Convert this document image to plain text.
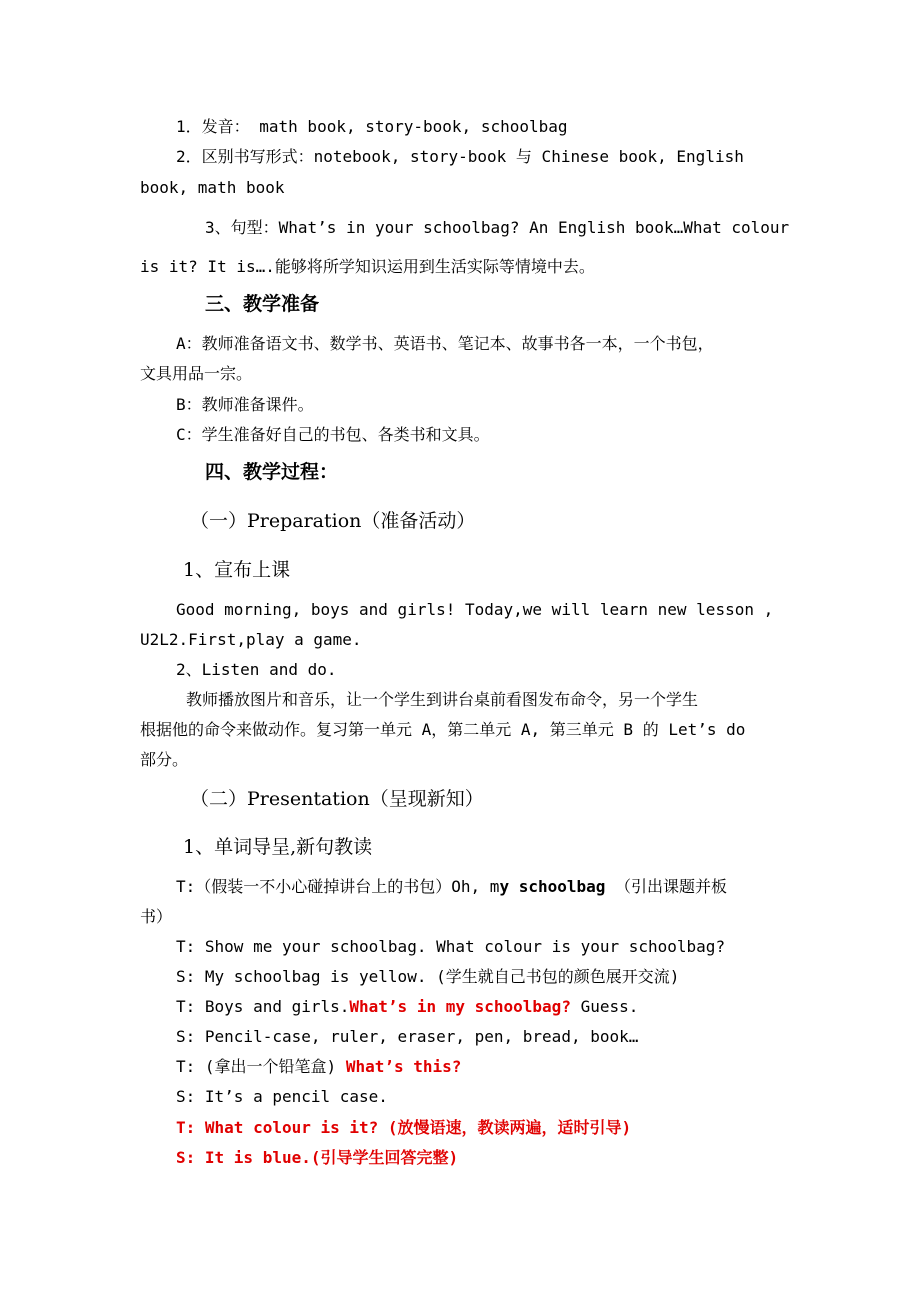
1．发音： math book, story-book, schoolbag
2．区别书写形式：notebook, story-book 与 Chinese book, English
book, math book
3、句型：What’s in your schoolbag? An English book…What colour
is it? It is….能够将所学知识运用到生活实际等情境中去。
三、教学准备
A：教师准备语文书、数学书、英语书、笔记本、故事书各一本，一个书包，
文具用品一宗。
B：教师准备课件。
C：学生准备好自己的书包、各类书和文具。
四、教学过程：
（一）Preparation（准备活动）
1、宣布上课
Good morning, boys and girls! Today,we will learn new lesson ,
U2L2.First,play a game.
2、Listen and do.
教师播放图片和音乐，让一个学生到讲台桌前看图发布命令，另一个学生
根据他的命令来做动作。复习第一单元 A，第二单元 A, 第三单元 B 的 Let’s do
部分。
（二）Presentation（呈现新知）
1、单词导呈,新句教读
T:（假装一不小心碰掉讲台上的书包）Oh, my schoolbag （引出课题并板
书）
T: Show me your schoolbag. What colour is your schoolbag?
S: My schoolbag is yellow. (学生就自己书包的颜色展开交流)
T: Boys and girls.What’s in my schoolbag? Guess.
S: Pencil-case, ruler, eraser, pen, bread, book…
T: (拿出一个铅笔盒) What’s this?
S: It’s a pencil case.
T: What colour is it? (放慢语速，教读两遍，适时引导)
S: It is blue.(引导学生回答完整)
